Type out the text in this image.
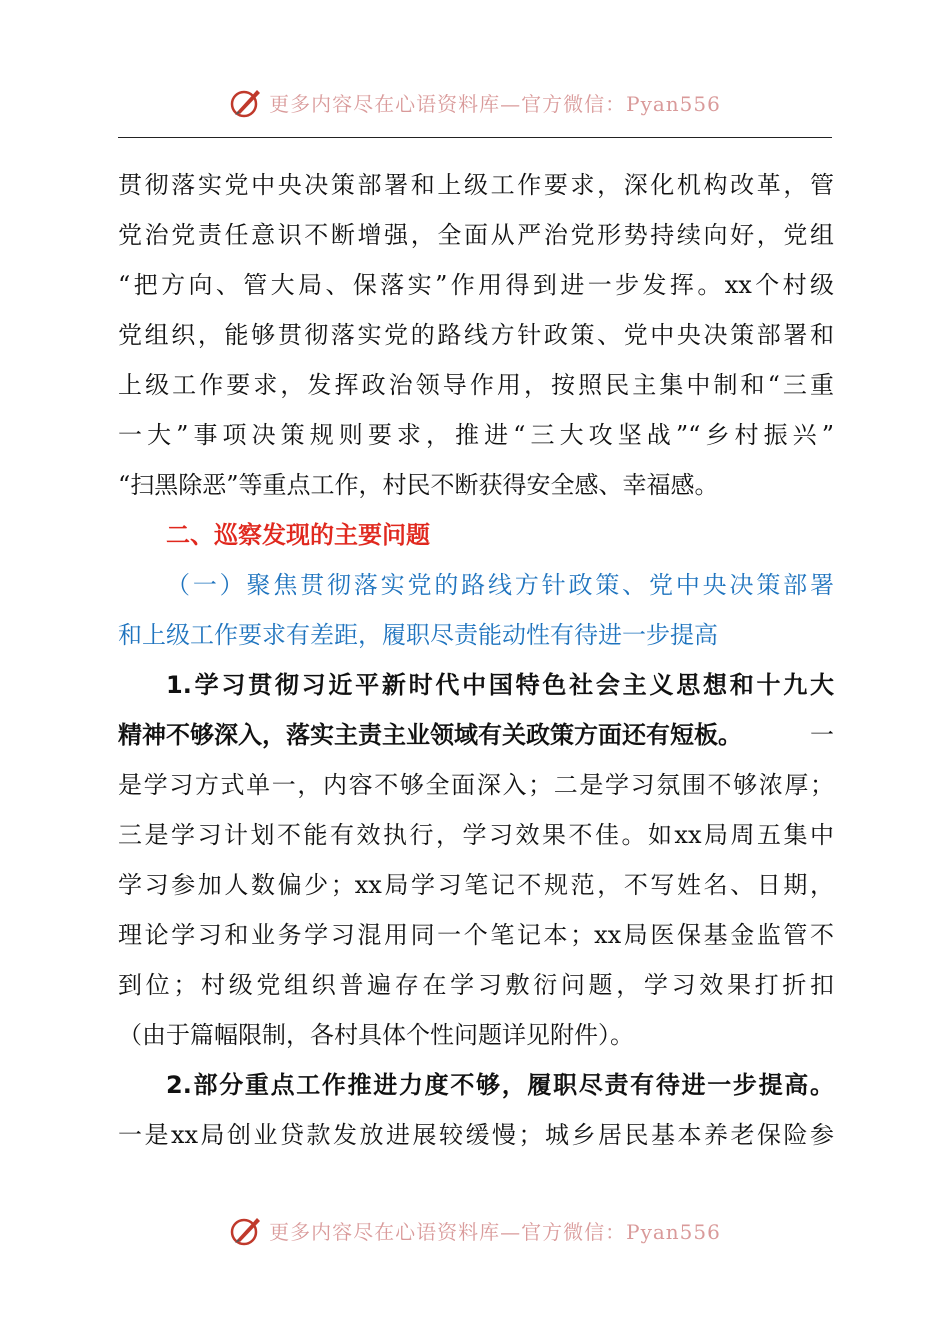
更多内容尽在心语资料库—官方微信：Pyan556
贯彻落实党中央决策部署和上级工作要求，深化机构改革，管
党治党责任意识不断增强，全面从严治党形势持续向好，党组
“把方向、管大局、保落实”作用得到进一步发挥。xx个村级
党组织，能够贯彻落实党的路线方针政策、党中央决策部署和
上级工作要求，发挥政治领导作用，按照民主集中制和“三重
一大”事项决策规则要求，推进“三大攻坚战”“乡村振兴”
“扫黑除恶”等重点工作，村民不断获得安全感、幸福感。
二、巡察发现的主要问题
（一）聚焦贯彻落实党的路线方针政策、党中央决策部署
和上级工作要求有差距，履职尽责能动性有待进一步提高
1.学习贯彻习近平新时代中国特色社会主义思想和十九大
精神不够深入，落实主责主业领域有关政策方面还有短板。	一
是学习方式单一，内容不够全面深入；二是学习氛围不够浓厚；
三是学习计划不能有效执行，学习效果不佳。如xx局周五集中
学习参加人数偏少；xx局学习笔记不规范，不写姓名、日期，
理论学习和业务学习混用同一个笔记本；xx局医保基金监管不
到位；村级党组织普遍存在学习敷衍问题，学习效果打折扣
（由于篇幅限制，各村具体个性问题详见附件）。
2.部分重点工作推进力度不够，履职尽责有待进一步提高。
一是xx局创业贷款发放进展较缓慢；城乡居民基本养老保险参
更多内容尽在心语资料库—官方微信：Pyan556
